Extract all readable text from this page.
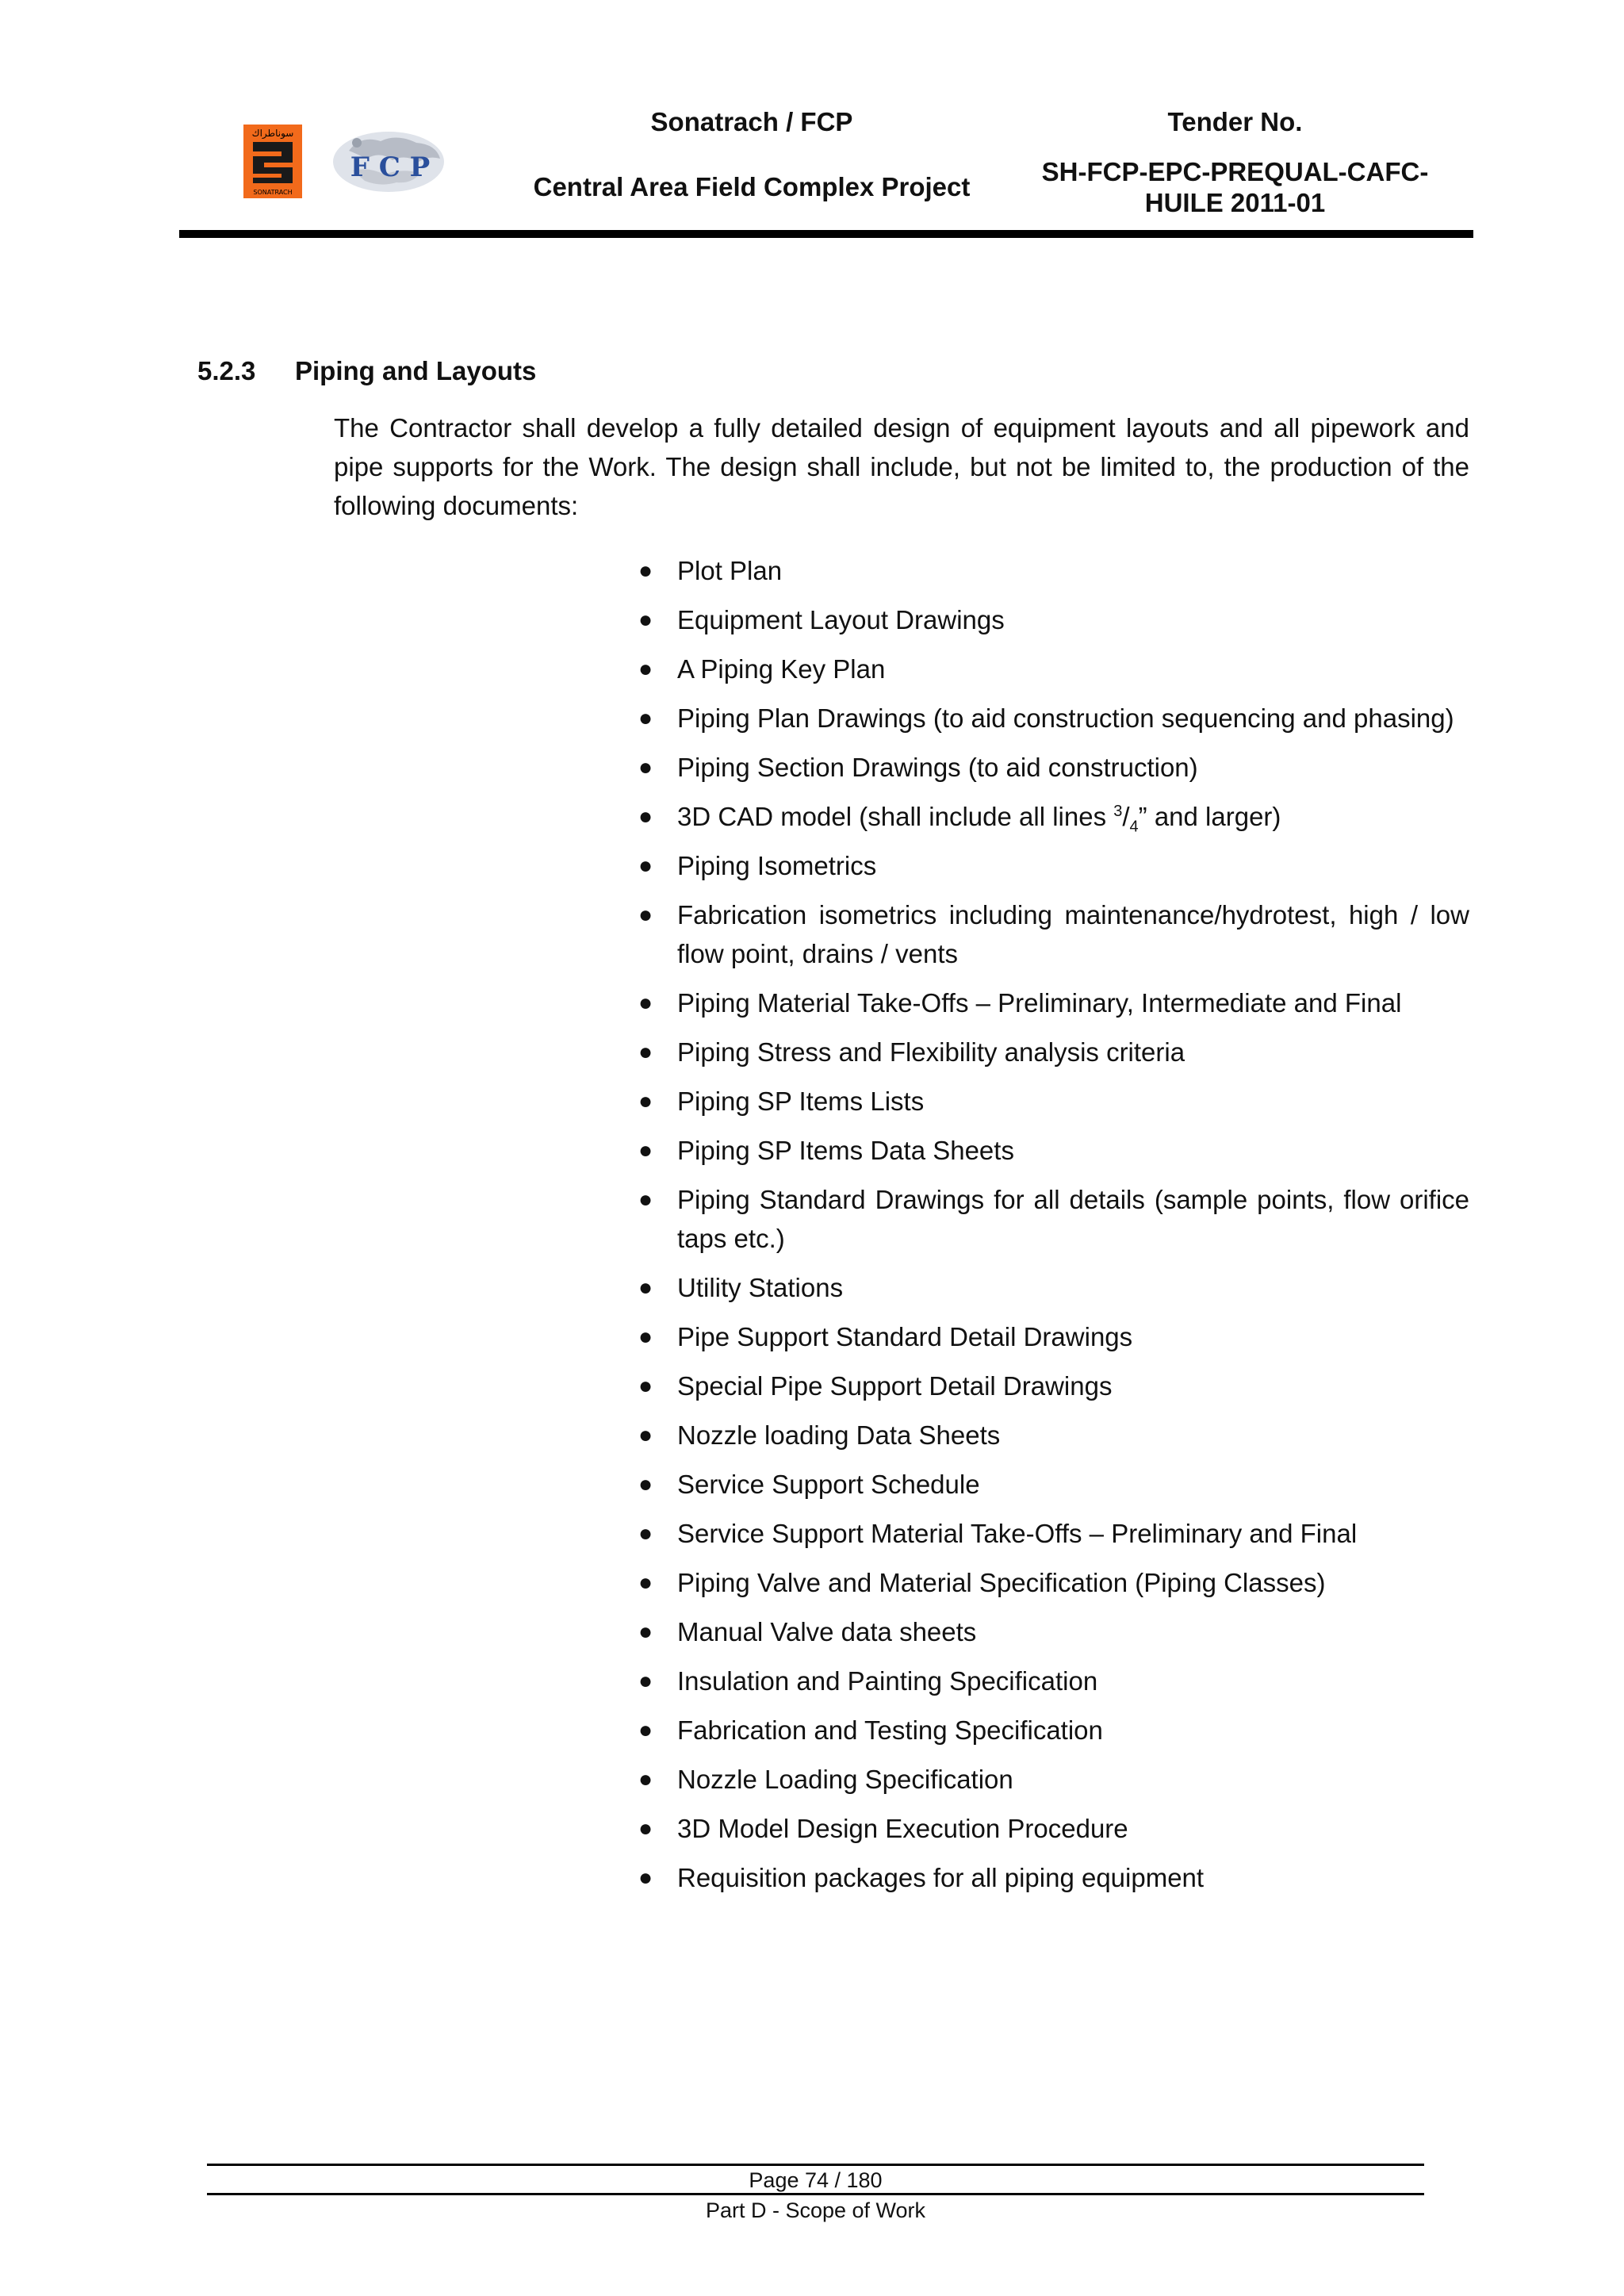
سوناطراك
SONATRACH
F C P
Sonatrach / FCP
Central Area Field Complex Project
Tender No.
SH-FCP-EPC-PREQUAL-CAFC-HUILE 2011-01
5.2.3 Piping and Layouts

The Contractor shall develop a fully detailed design of equipment layouts and all pipework and pipe supports for the Work. The design shall include, but not be limited to, the production of the following documents:

● Plot Plan
● Equipment Layout Drawings
● A Piping Key Plan
● Piping Plan Drawings (to aid construction sequencing and phasing)
● Piping Section Drawings (to aid construction)
● 3D CAD model (shall include all lines $^3/_4$” and larger)
● Piping Isometrics
● Fabrication isometrics including maintenance/hydrotest, high / low flow point, drains / vents
● Piping Material Take-Offs – Preliminary, Intermediate and Final
● Piping Stress and Flexibility analysis criteria
● Piping SP Items Lists
● Piping SP Items Data Sheets
● Piping Standard Drawings for all details (sample points, flow orifice taps etc.)
● Utility Stations
● Pipe Support Standard Detail Drawings
● Special Pipe Support Detail Drawings
● Nozzle loading Data Sheets
● Service Support Schedule
● Service Support Material Take-Offs – Preliminary and Final
● Piping Valve and Material Specification (Piping Classes)
● Manual Valve data sheets
● Insulation and Painting Specification
● Fabrication and Testing Specification
● Nozzle Loading Specification
● 3D Model Design Execution Procedure
● Requisition packages for all piping equipment
Page 74 / 180
Part D - Scope of Work
